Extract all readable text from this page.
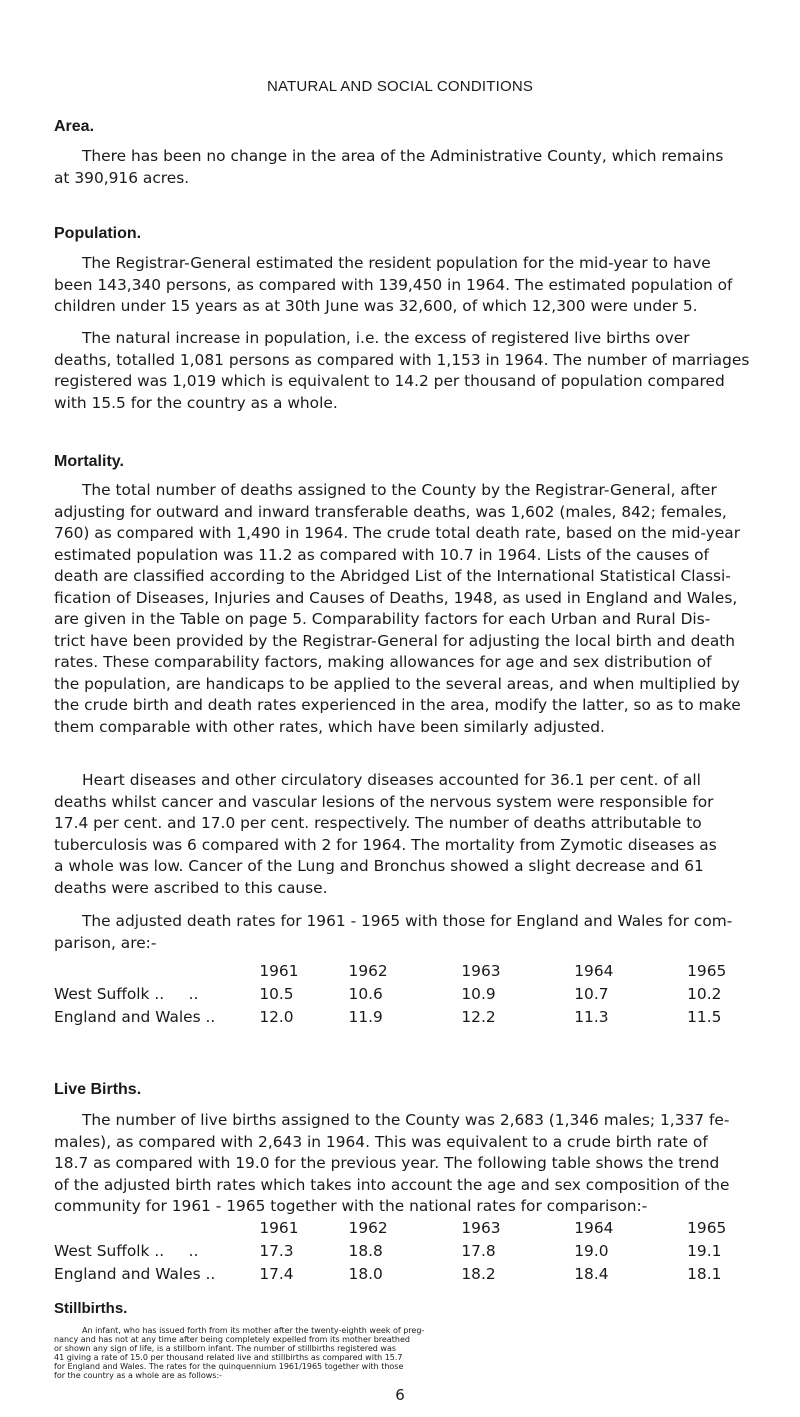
NATURAL AND SOCIAL CONDITIONS
Area.

There has been no change in the area of the Administrative County, which remains
at 390,916 acres.

Population.

The Registrar-General estimated the resident population for the mid-year to have
been 143,340 persons, as compared with 139,450 in 1964. The estimated population of
children under 15 years as at 30th June was 32,600, of which 12,300 were under 5.

The natural increase in population, i.e. the excess of registered live births over
deaths, totalled 1,081 persons as compared with 1,153 in 1964. The number of marriages
registered was 1,019 which is equivalent to 14.2 per thousand of population compared
with 15.5 for the country as a whole.

Mortality.

The total number of deaths assigned to the County by the Registrar-General, after
adjusting for outward and inward transferable deaths, was 1,602 (males, 842; females,
760) as compared with 1,490 in 1964. The crude total death rate, based on the mid-year
estimated population was 11.2 as compared with 10.7 in 1964. Lists of the causes of
death are classified according to the Abridged List of the International Statistical Classi-
fication of Diseases, Injuries and Causes of Deaths, 1948, as used in England and Wales,
are given in the Table on page 5. Comparability factors for each Urban and Rural Dis-
trict have been provided by the Registrar-General for adjusting the local birth and death
rates. These comparability factors, making allowances for age and sex distribution of
the population, are handicaps to be applied to the several areas, and when multiplied by
the crude birth and death rates experienced in the area, modify the latter, so as to make
them comparable with other rates, which have been similarly adjusted.

Heart diseases and other circulatory diseases accounted for 36.1 per cent. of all
deaths whilst cancer and vascular lesions of the nervous system were responsible for
17.4 per cent. and 17.0 per cent. respectively. The number of deaths attributable to
tuberculosis was 6 compared with 2 for 1964. The mortality from Zymotic diseases as
a whole was low. Cancer of the Lung and Bronchus showed a slight decrease and 61
deaths were ascribed to this cause.

The adjusted death rates for 1961 - 1965 with those for England and Wales for com-
parison, are:-

	1961	1962	1963	1964	1965
West Suffolk ..     ..	10.5	10.6	10.9	10.7	10.2
England and Wales ..	12.0	11.9	12.2	11.3	11.5
Live Births.

The number of live births assigned to the County was 2,683 (1,346 males; 1,337 fe-
males), as compared with 2,643 in 1964. This was equivalent to a crude birth rate of
18.7 as compared with 19.0 for the previous year. The following table shows the trend
of the adjusted birth rates which takes into account the age and sex composition of the
community for 1961 - 1965 together with the national rates for comparison:-

	1961	1962	1963	1964	1965
West Suffolk ..     ..	17.3	18.8	17.8	19.0	19.1
England and Wales ..	17.4	18.0	18.2	18.4	18.1
Stillbirths.

6

An infant, who has issued forth from its mother after the twenty-eighth week of preg-
nancy and has not at any time after being completely expelled from its mother breathed
or shown any sign of life, is a stillborn infant. The number of stillbirths registered was
41 giving a rate of 15.0 per thousand related live and stillbirths as compared with 15.7
for England and Wales. The rates for the quinquennium 1961/1965 together with those
for the country as a whole are as follows:-
